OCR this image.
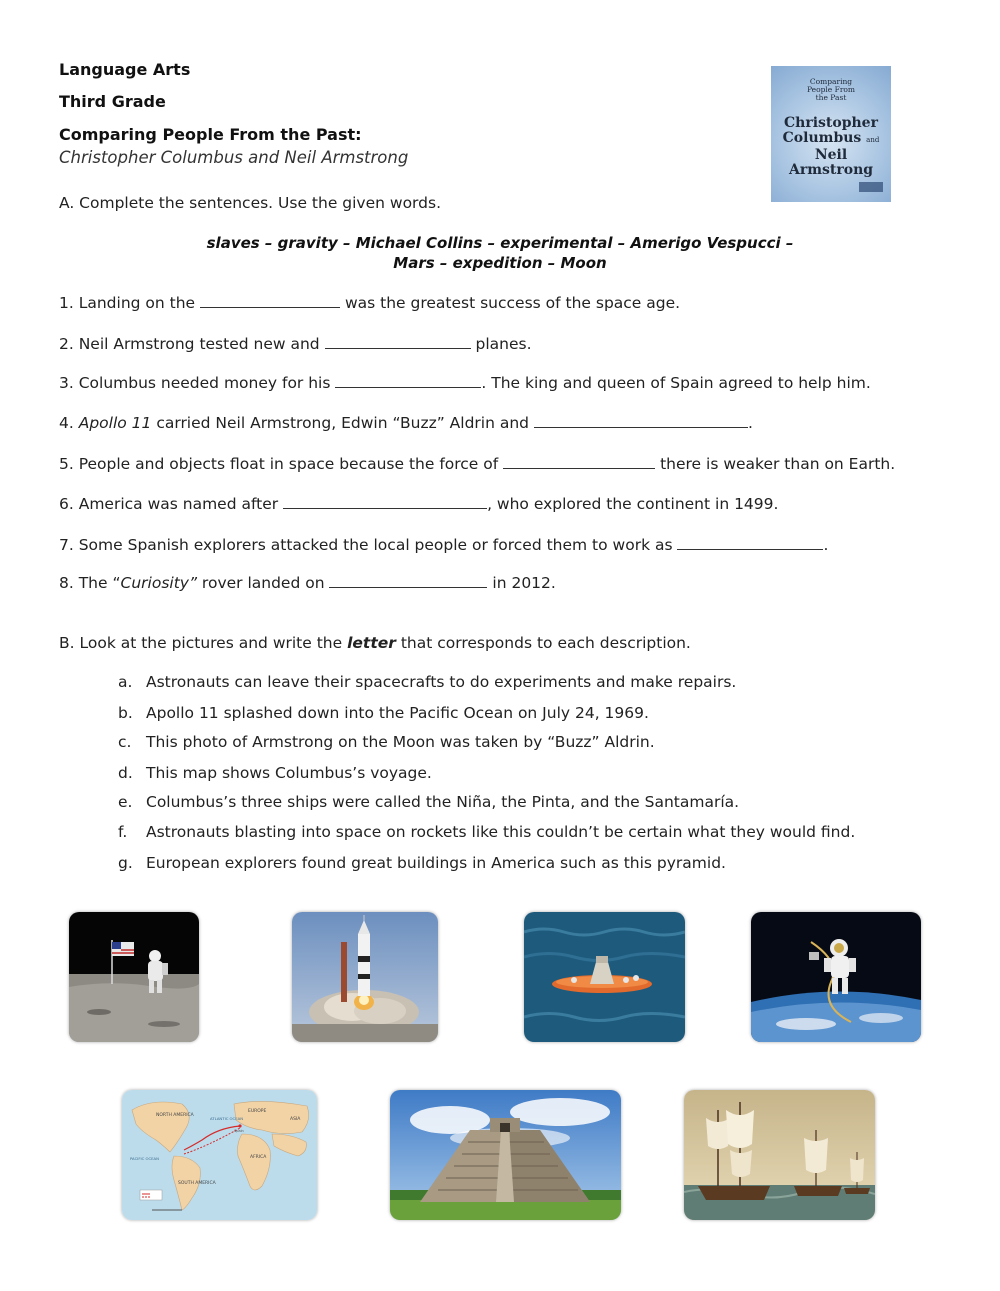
Language Arts
Third Grade
Comparing People From the Past:
Christopher Columbus and Neil Armstrong
Comparing
People From
the Past
Christopher
Columbus and
Neil Armstrong
A. Complete the sentences. Use the given words.
slaves – gravity – Michael Collins – experimental – Amerigo Vespucci –
Mars – expedition – Moon
1. Landing on the	was the greatest success of the space age.
2. Neil Armstrong tested new and	planes.
3. Columbus needed money for his	. The king and queen of Spain agreed to help him.
4. Apollo 11 carried Neil Armstrong, Edwin “Buzz” Aldrin and	.
5. People and objects float in space because the force of	there is weaker than on Earth.
6. America was named after	, who explored the continent in 1499.
7. Some Spanish explorers attacked the local people or forced them to work as	.
8. The “Curiosity” rover landed on	in 2012.
B. Look at the pictures and write the letter that corresponds to each description.
a. Astronauts can leave their spacecrafts to do experiments and make repairs.
b. Apollo 11 splashed down into the Pacific Ocean on July 24, 1969.
c. This photo of Armstrong on the Moon was taken by “Buzz” Aldrin.
d. This map shows Columbus’s voyage.
e. Columbus’s three ships were called the Niña, the Pinta, and the Santamaría.
f. Astronauts blasting into space on rockets like this couldn’t be certain what they would find.
g. European explorers found great buildings in America such as this pyramid.
NORTH AMERICA
SOUTH AMERICA
EUROPE
AFRICA
ASIA
ATLANTIC OCEAN
PACIFIC OCEAN
Spain
